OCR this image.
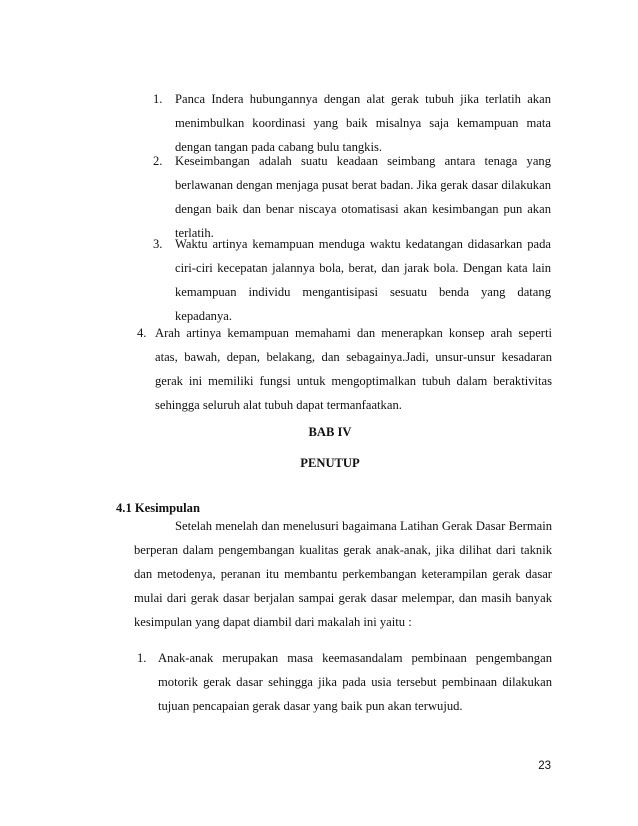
1. Panca Indera hubungannya dengan alat gerak tubuh jika terlatih akan menimbulkan koordinasi yang baik misalnya saja kemampuan mata dengan tangan pada cabang bulu tangkis.
2. Keseimbangan adalah suatu keadaan seimbang antara tenaga yang berlawanan dengan menjaga pusat berat badan. Jika gerak dasar dilakukan dengan baik dan benar niscaya otomatisasi akan kesimbangan pun akan terlatih.
3. Waktu artinya kemampuan menduga waktu kedatangan didasarkan pada ciri-ciri kecepatan jalannya bola, berat, dan jarak bola. Dengan kata lain kemampuan individu mengantisipasi sesuatu benda yang datang kepadanya.
4. Arah artinya kemampuan memahami dan menerapkan konsep arah seperti atas, bawah, depan, belakang, dan sebagainya.Jadi, unsur-unsur kesadaran gerak ini memiliki fungsi untuk mengoptimalkan tubuh dalam beraktivitas sehingga seluruh alat tubuh dapat termanfaatkan.
BAB IV
PENUTUP
4.1 Kesimpulan
Setelah menelah dan menelusuri bagaimana Latihan Gerak Dasar Bermain berperan dalam pengembangan kualitas gerak anak-anak, jika dilihat dari taknik dan metodenya, peranan itu membantu perkembangan keterampilan gerak dasar mulai dari gerak dasar berjalan sampai gerak dasar melempar, dan masih banyak kesimpulan yang dapat diambil dari makalah ini yaitu :
1. Anak-anak merupakan masa keemasandalam pembinaan pengembangan motorik gerak dasar sehingga jika pada usia tersebut pembinaan dilakukan tujuan pencapaian gerak dasar yang baik pun akan terwujud.
23
